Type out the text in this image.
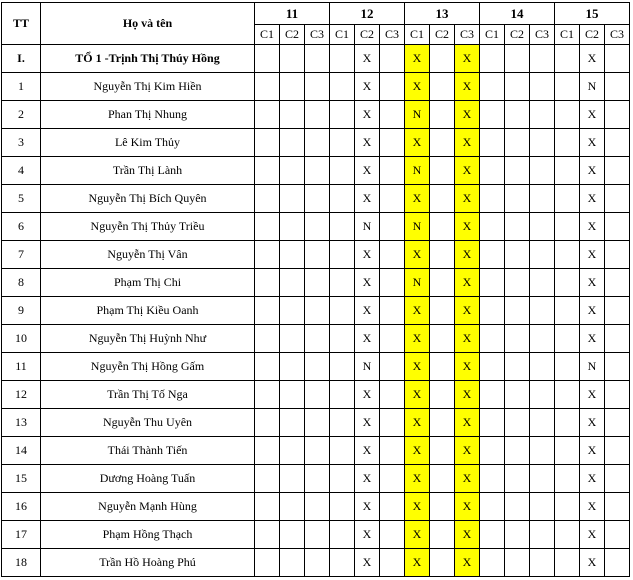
TT	Họ và tên	11			12			13			14			15		
		C1	C2	C3	C1	C2	C3	C1	C2	C3	C1	C2	C3	C1	C2	C3
I.	TỔ 1 -Trịnh Thị Thúy Hồng					X		X		X					X	
1	Nguyễn Thị Kim Hiền					X		X		X					N	
2	Phan Thị Nhung					X		N		X					X	
3	Lê Kim Thủy					X		X		X					X	
4	Trần Thị Lành					X		N		X					X	
5	Nguyễn Thị Bích Quyên					X		X		X					X	
6	Nguyễn Thị Thủy Triều					N		N		X					X	
7	Nguyễn Thị Vân					X		X		X					X	
8	Phạm Thị Chi					X		N		X					X	
9	Phạm Thị Kiều Oanh					X		X		X					X	
10	Nguyễn Thị Huỳnh Như					X		X		X					X	
11	Nguyễn Thị Hồng Gấm					N		X		X					N	
12	Trần Thị Tố Nga					X		X		X					X	
13	Nguyễn Thu Uyên					X		X		X					X	
14	Thái Thành Tiến					X		X		X					X	
15	Dương Hoàng Tuấn					X		X		X					X	
16	Nguyễn Mạnh Hùng					X		X		X					X	
17	Phạm Hồng Thạch					X		X		X					X	
18	Trần Hồ Hoàng Phú					X		X		X					X	
